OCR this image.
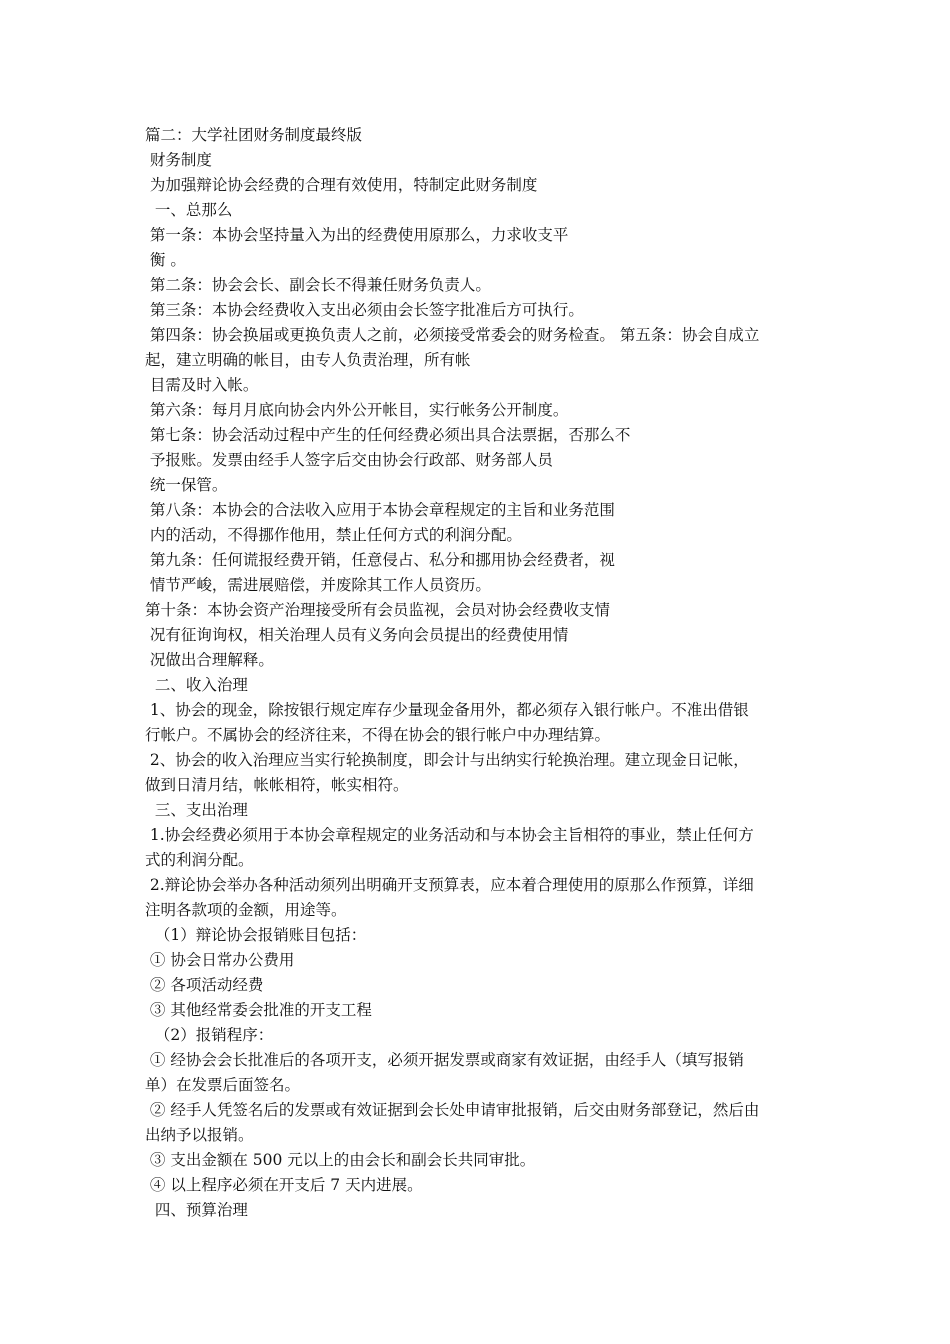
篇二：大学社团财务制度最终版

财务制度

为加强辩论协会经费的合理有效使用，特制定此财务制度

一、总那么

第一条：本协会坚持量入为出的经费使用原那么，力求收支平

衡 。

第二条：协会会长、副会长不得兼任财务负责人。

第三条：本协会经费收入支出必须由会长签字批准后方可执行。

第四条：协会换届或更换负责人之前，必须接受常委会的财务检查。 第五条：协会自成立

起，建立明确的帐目，由专人负责治理，所有帐

目需及时入帐。

第六条：每月月底向协会内外公开帐目，实行帐务公开制度。

第七条：协会活动过程中产生的任何经费必须出具合法票据，否那么不

予报账。发票由经手人签字后交由协会行政部、财务部人员

统一保管。

第八条：本协会的合法收入应用于本协会章程规定的主旨和业务范围

内的活动，不得挪作他用，禁止任何方式的利润分配。

第九条：任何谎报经费开销，任意侵占、私分和挪用协会经费者，视

情节严峻，需进展赔偿，并废除其工作人员资历。

第十条：本协会资产治理接受所有会员监视，会员对协会经费收支情

况有征询询权，相关治理人员有义务向会员提出的经费使用情

况做出合理解释。

二、收入治理

1、协会的现金，除按银行规定库存少量现金备用外，都必须存入银行帐户。不准出借银

行帐户。不属协会的经济往来，不得在协会的银行帐户中办理结算。

2、协会的收入治理应当实行轮换制度，即会计与出纳实行轮换治理。建立现金日记帐，

做到日清月结，帐帐相符，帐实相符。

三、支出治理

1.协会经费必须用于本协会章程规定的业务活动和与本协会主旨相符的事业，禁止任何方

式的利润分配。

2.辩论协会举办各种活动须列出明确开支预算表，应本着合理使用的原那么作预算，详细

注明各款项的金额，用途等。

（1）辩论协会报销账目包括：

① 协会日常办公费用

② 各项活动经费

③ 其他经常委会批准的开支工程

（2）报销程序：

① 经协会会长批准后的各项开支，必须开据发票或商家有效证据，由经手人（填写报销

单）在发票后面签名。

② 经手人凭签名后的发票或有效证据到会长处申请审批报销，后交由财务部登记，然后由

出纳予以报销。

③ 支出金额在 500 元以上的由会长和副会长共同审批。

④ 以上程序必须在开支后 7 天内进展。

四、预算治理
